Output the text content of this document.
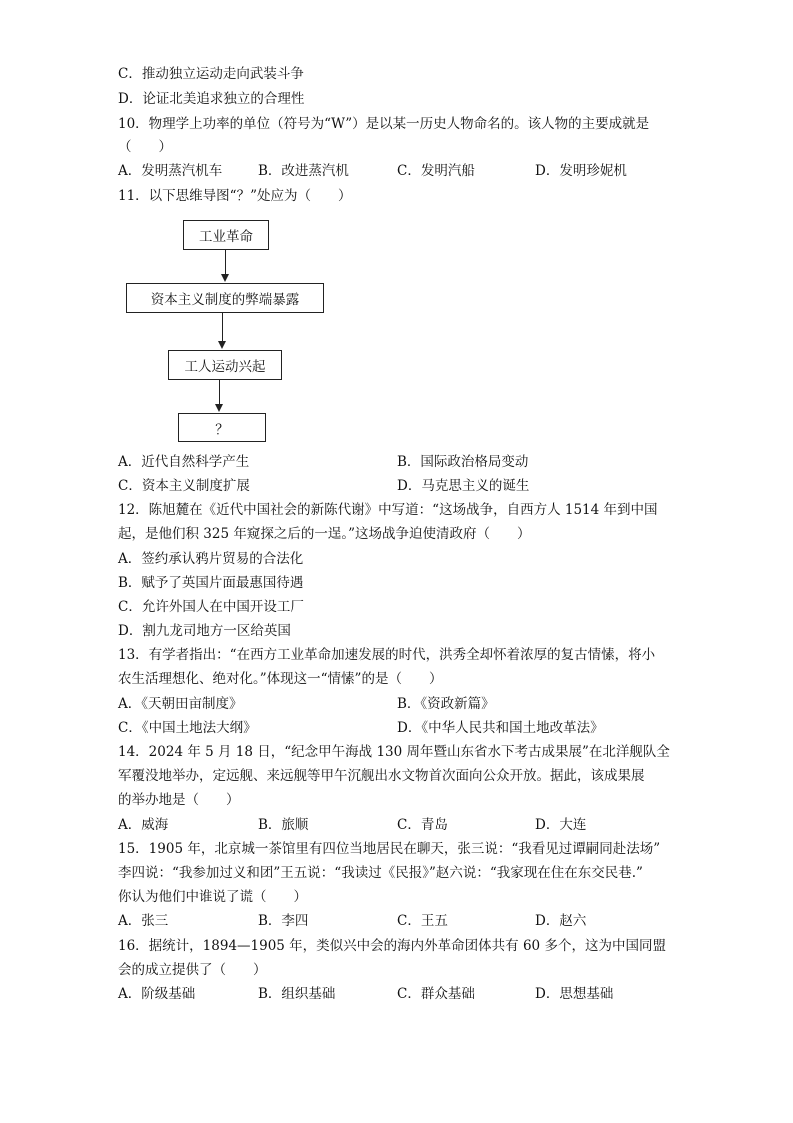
C．推动独立运动走向武装斗争
D．论证北美追求独立的合理性
10．物理学上功率的单位（符号为“W”）是以某一历史人物命名的。该人物的主要成就是
（　　）
A．发明蒸汽机车	B．改进蒸汽机	C．发明汽船	D．发明珍妮机
11．以下思维导图“？”处应为（　　）
工业革命
资本主义制度的弊端暴露
工人运动兴起
？
A．近代自然科学产生	B．国际政治格局变动
C．资本主义制度扩展	D．马克思主义的诞生
12．陈旭麓在《近代中国社会的新陈代谢》中写道：“这场战争，自西方人 1514 年到中国
起，是他们积 325 年窥探之后的一逞。”这场战争迫使清政府（　　）
A．签约承认鸦片贸易的合法化
B．赋予了英国片面最惠国待遇
C．允许外国人在中国开设工厂
D．割九龙司地方一区给英国
13．有学者指出：“在西方工业革命加速发展的时代，洪秀全却怀着浓厚的复古情愫，将小
农生活理想化、绝对化。”体现这一“情愫”的是（　　）
A．《天朝田亩制度》	B．《资政新篇》
C．《中国土地法大纲》	D．《中华人民共和国土地改革法》
14．2024 年 5 月 18 日，“纪念甲午海战 130 周年暨山东省水下考古成果展”在北洋舰队全
军覆没地举办，定远舰、来远舰等甲午沉舰出水文物首次面向公众开放。据此，该成果展
的举办地是（　　）
A．威海	B．旅顺	C．青岛	D．大连
15．1905 年，北京城一茶馆里有四位当地居民在聊天，张三说：“我看见过谭嗣同赴法场”
李四说：“我参加过义和团”王五说：“我读过《民报》”赵六说：“我家现在住在东交民巷.”
你认为他们中谁说了谎（　　）
A．张三	B．李四	C．王五	D．赵六
16．据统计，1894—1905 年，类似兴中会的海内外革命团体共有 60 多个，这为中国同盟
会的成立提供了（　　）
A．阶级基础	B．组织基础	C．群众基础	D．思想基础
